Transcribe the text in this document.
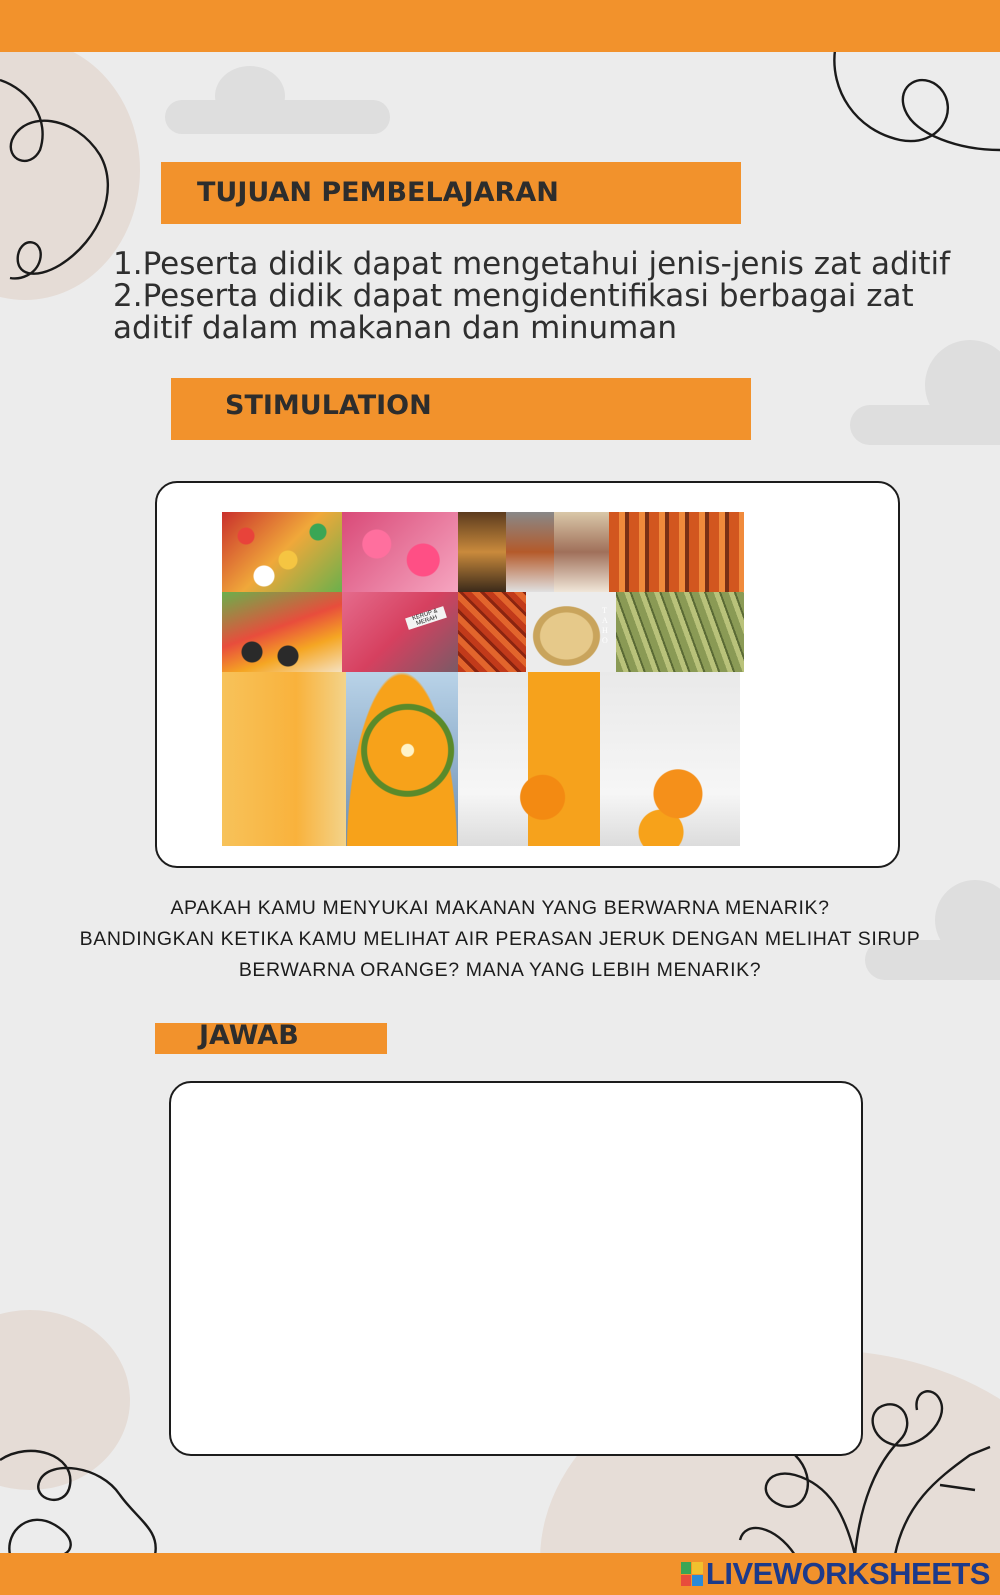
TUJUAN PEMBELAJARAN
1.Peserta didik dapat mengetahui jenis-jenis zat aditif
2.Peserta didik dapat mengidentifikasi berbagai zat aditif dalam makanan dan minuman
STIMULATION
KERUP & MERAH
TAHO
APAKAH KAMU MENYUKAI MAKANAN YANG BERWARNA MENARIK?
BANDINGKAN KETIKA KAMU MELIHAT AIR PERASAN JERUK DENGAN MELIHAT SIRUP BERWARNA ORANGE? MANA YANG LEBIH MENARIK?
JAWAB
LIVEWORKSHEETS
